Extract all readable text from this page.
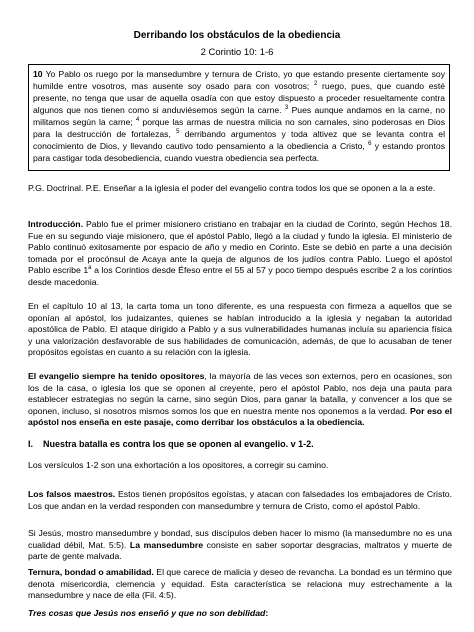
Derribando los obstáculos de la obediencia
2 Corintio 10: 1-6
10 Yo Pablo os ruego por la mansedumbre y ternura de Cristo, yo que estando presente ciertamente soy humilde entre vosotros, mas ausente soy osado para con vosotros; $^2$ ruego, pues, que cuando esté presente, no tenga que usar de aquella osadía con que estoy dispuesto a proceder resueltamente contra algunos que nos tienen como si anduviésemos según la carne. $^3$ Pues aunque andamos en la carne, no militamos según la carne; $^4$ porque las armas de nuestra milicia no son carnales, sino poderosas en Dios para la destrucción de fortalezas, $^5$ derribando argumentos y toda altivez que se levanta contra el conocimiento de Dios, y llevando cautivo todo pensamiento a la obediencia a Cristo, $^6$ y estando prontos para castigar toda desobediencia, cuando vuestra obediencia sea perfecta.
P.G. Doctrinal. P.E. Enseñar a la iglesia el poder del evangelio contra todos los que se oponen a la a este.
Introducción. Pablo fue el primer misionero cristiano en trabajar en la ciudad de Corinto, según Hechos 18. Fue en su segundo viaje misionero, que el apóstol Pablo, llegó a la ciudad y fundo la iglesia. El ministerio de Pablo continuó exitosamente por espacio de año y medio en Corinto. Este se debió en parte a una decisión tomada por el procónsul de Acaya ante la queja de algunos de los judíos contra Pablo. Luego el apóstol Pablo escribe 1$^a$ a los Corintios desde Éfeso entre el 55 al 57 y poco tiempo después escribe 2 a los corintios desde macedonia.
En el capítulo 10 al 13, la carta toma un tono diferente, es una respuesta con firmeza a aquellos que se oponían al apóstol, los judaizantes, quienes se habían introducido a la iglesia y negaban la autoridad apostólica de Pablo. El ataque dirigido a Pablo y a sus vulnerabilidades humanas incluía su apariencia física y una valorización desfavorable de sus habilidades de comunicación, además, de que lo acusaban de tener propósitos egoístas en cuanto a su relación con la iglesia.
El evangelio siempre ha tenido opositores, la mayoría de las veces son externos, pero en ocasiones, son los de la casa, o iglesia los que se oponen al creyente, pero el apóstol Pablo, nos deja una pauta para establecer estrategias no según la carne, sino según Dios, para ganar la batalla, y convencer a los que se oponen, incluso, si nosotros mismos somos los que en nuestra mente nos oponemos a la verdad. Por eso el apóstol nos enseña en este pasaje, como derribar los obstáculos a la obediencia.
I. Nuestra batalla es contra los que se oponen al evangelio. v 1-2.
Los versículos 1-2 son una exhortación a los opositores, a corregir su camino.
Los falsos maestros. Estos tienen propósitos egoístas, y atacan con falsedades los embajadores de Cristo. Los que andan en la verdad responden con mansedumbre y ternura de Cristo, como el apóstol Pablo.
Si Jesús, mostro mansedumbre y bondad, sus discípulos deben hacer lo mismo (la mansedumbre no es una cualidad débil, Mat. 5:5). La mansedumbre consiste en saber soportar desgracias, maltratos y muerte de parte de gente malvada.
Ternura, bondad o amabilidad. El que carece de malicia y deseo de revancha. La bondad es un término que denota misericordia, clemencia y equidad. Esta característica se relaciona muy estrechamente a la mansedumbre y nace de ella (Fil. 4:5).
Tres cosas que Jesús nos enseñó y que no son debilidad:
